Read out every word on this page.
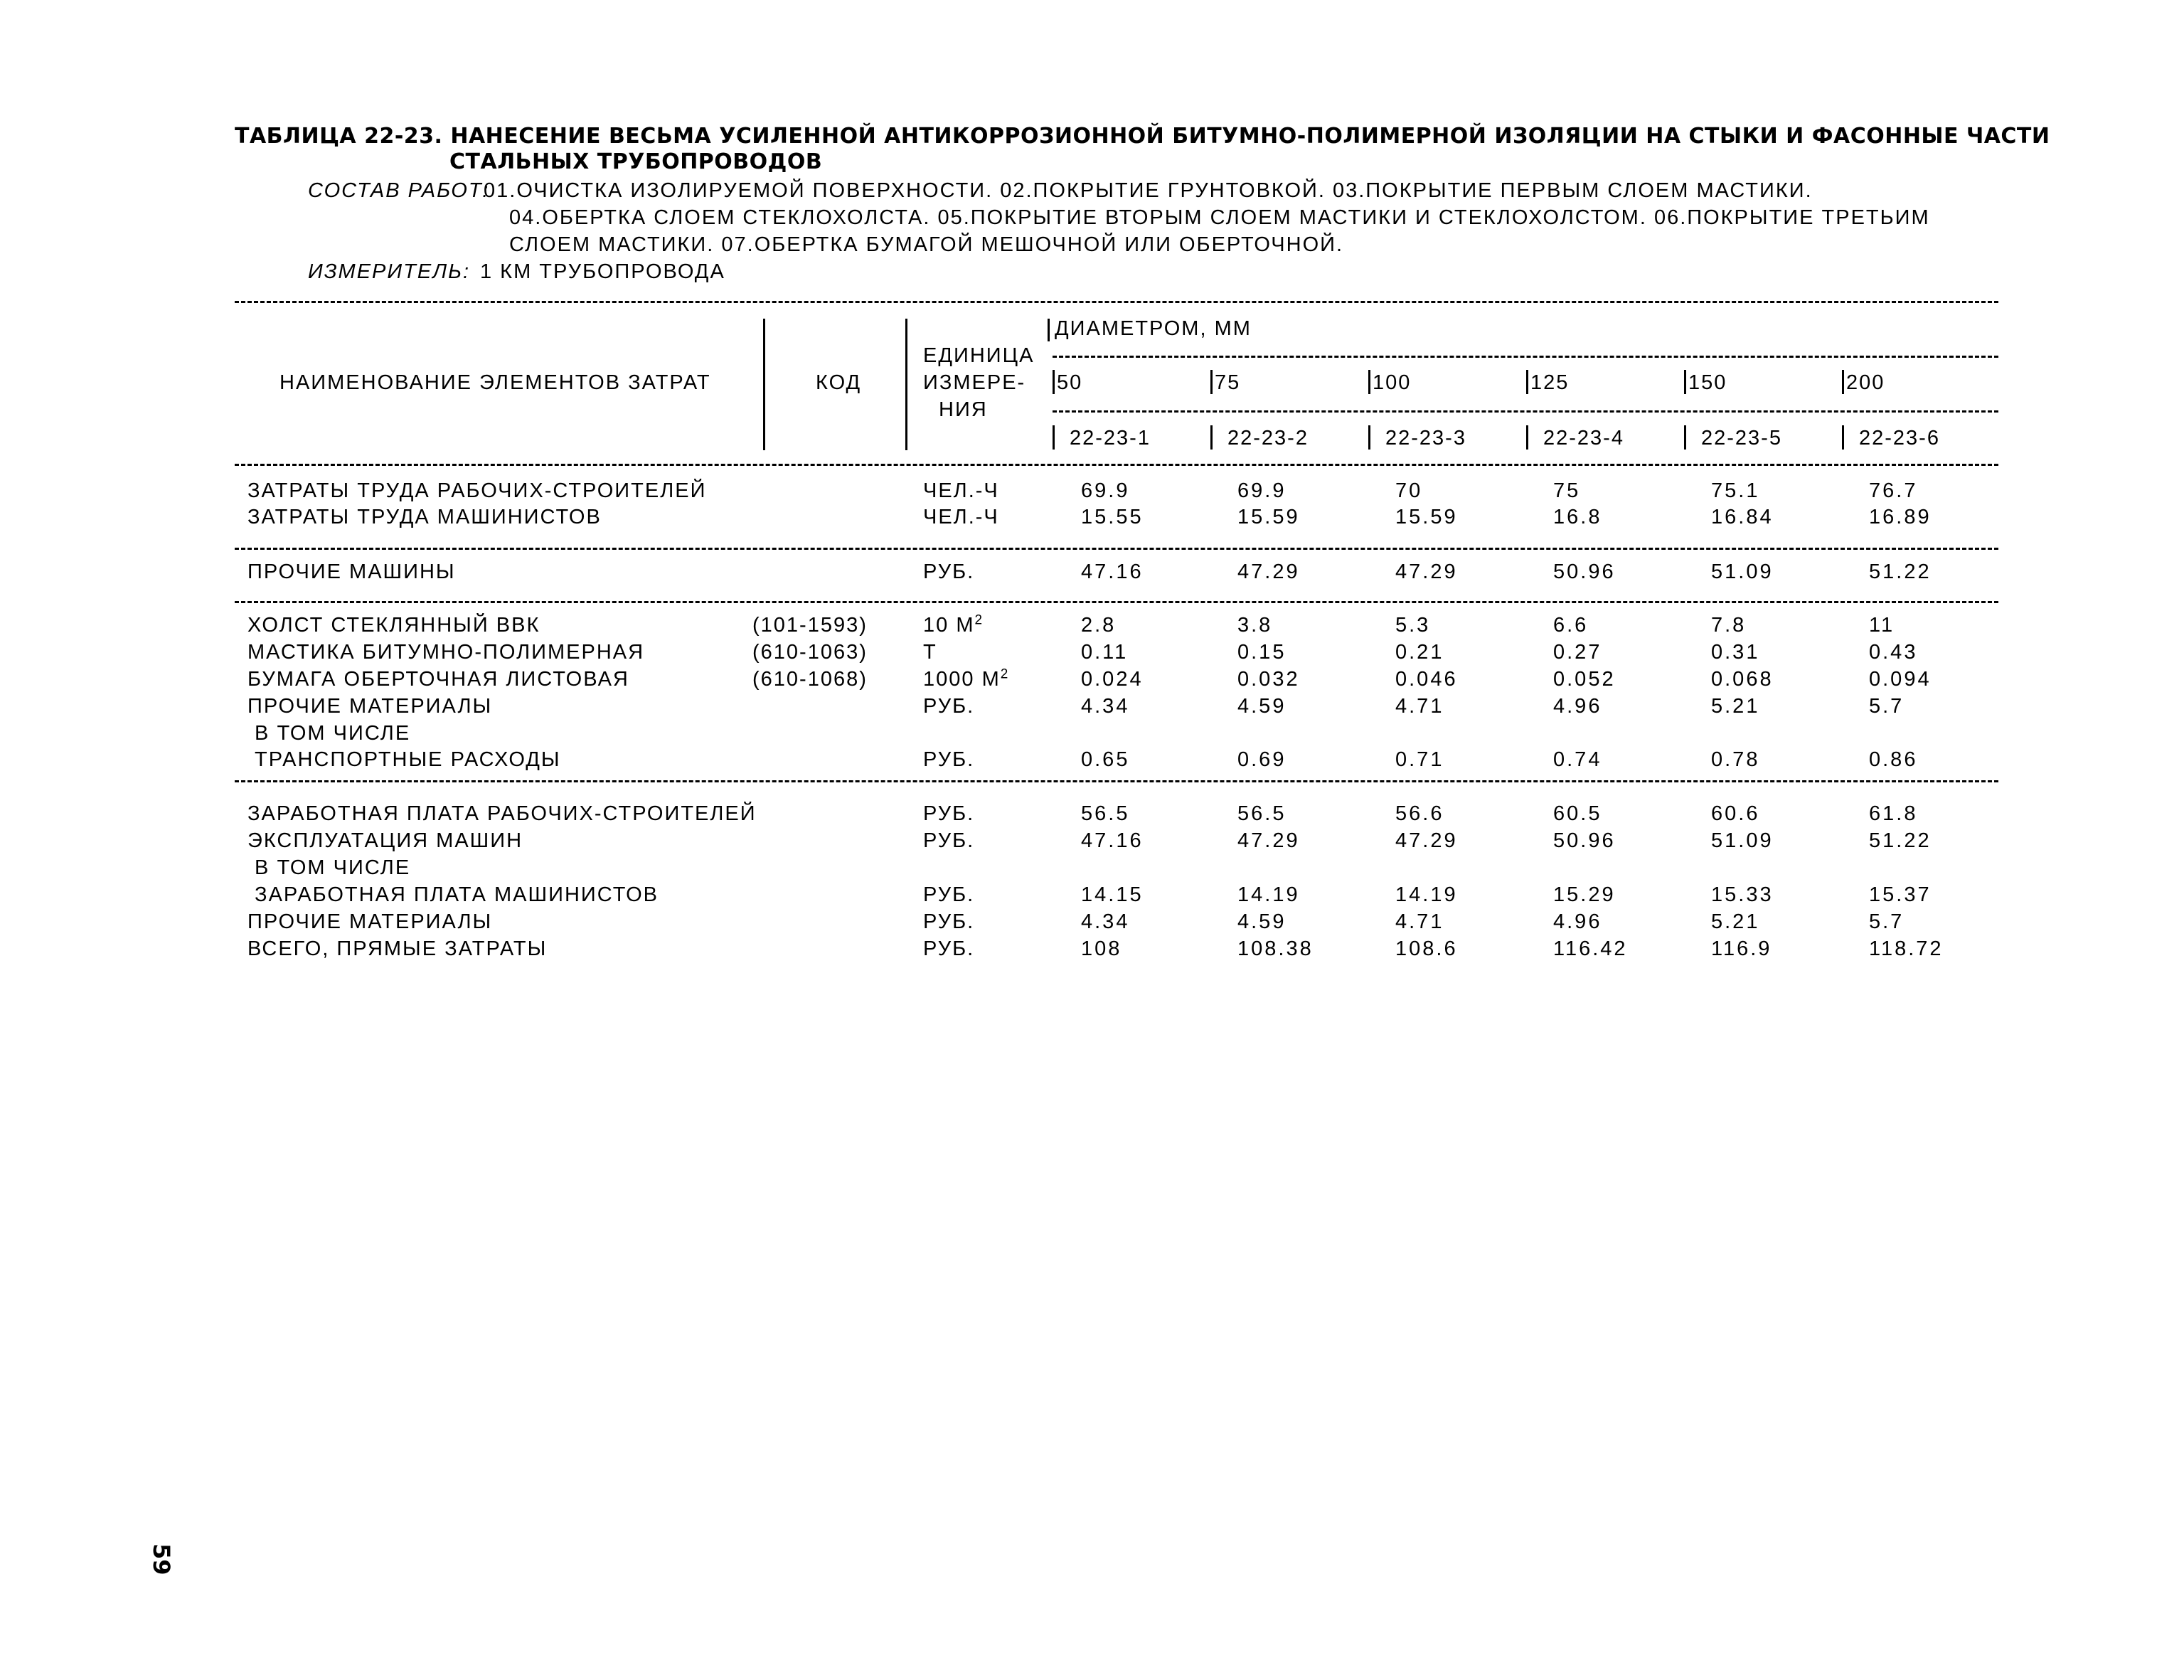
ТАБЛИЦА 22-23. НАНЕСЕНИЕ ВЕСЬМА УСИЛЕННОЙ АНТИКОРРОЗИОННОЙ БИТУМНО-ПОЛИМЕРНОЙ ИЗОЛЯЦИИ НА СТЫКИ И ФАСОННЫЕ ЧАСТИ
СТАЛЬНЫХ ТРУБОПРОВОДОВ
СОСТАВ РАБОТ:
01.ОЧИСТКА ИЗОЛИРУЕМОЙ ПОВЕРХНОСТИ. 02.ПОКРЫТИЕ ГРУНТОВКОЙ. 03.ПОКРЫТИЕ ПЕРВЫМ СЛОЕМ МАСТИКИ.
04.ОБЕРТКА СЛОЕМ СТЕКЛОХОЛСТА. 05.ПОКРЫТИЕ ВТОРЫМ СЛОЕМ МАСТИКИ И СТЕКЛОХОЛСТОМ. 06.ПОКРЫТИЕ ТРЕТЬИМ
СЛОЕМ МАСТИКИ. 07.ОБЕРТКА БУМАГОЙ МЕШОЧНОЙ ИЛИ ОБЕРТОЧНОЙ.
ИЗМЕРИТЕЛЬ: 1 КМ ТРУБОПРОВОДА
НАИМЕНОВАНИЕ ЭЛЕМЕНТОВ ЗАТРАТ	КОД
ЕДИНИЦА
ИЗМЕРЕ-
НИЯ
ДИАМЕТРОМ, ММ
50	75	100	125	150	200
22-23-1	22-23-2	22-23-3	22-23-4	22-23-5	22-23-6
ЗАТРАТЫ ТРУДА РАБОЧИХ-СТРОИТЕЛЕЙ	ЧЕЛ.-Ч	69.9	69.9	70	75	75.1	76.7
ЗАТРАТЫ ТРУДА МАШИНИСТОВ	ЧЕЛ.-Ч	15.55	15.59	15.59	16.8	16.84	16.89
ПРОЧИЕ МАШИНЫ	РУБ.	47.16	47.29	47.29	50.96	51.09	51.22
ХОЛСТ СТЕКЛЯННЫЙ ВВК	(101-1593)	10 $М^2$	2.8	3.8	5.3	6.6	7.8	11
МАСТИКА БИТУМНО-ПОЛИМЕРНАЯ	(610-1063)	Т	0.11	0.15	0.21	0.27	0.31	0.43
БУМАГА ОБЕРТОЧНАЯ ЛИСТОВАЯ	(610-1068)	1000 $М^2$	0.024	0.032	0.046	0.052	0.068	0.094
ПРОЧИЕ МАТЕРИАЛЫ	РУБ.	4.34	4.59	4.71	4.96	5.21	5.7
В ТОМ ЧИСЛЕ
ТРАНСПОРТНЫЕ РАСХОДЫ	РУБ.	0.65	0.69	0.71	0.74	0.78	0.86
ЗАРАБОТНАЯ ПЛАТА РАБОЧИХ-СТРОИТЕЛЕЙ	РУБ.	56.5	56.5	56.6	60.5	60.6	61.8
ЭКСПЛУАТАЦИЯ МАШИН	РУБ.	47.16	47.29	47.29	50.96	51.09	51.22
В ТОМ ЧИСЛЕ
ЗАРАБОТНАЯ ПЛАТА МАШИНИСТОВ	РУБ.	14.15	14.19	14.19	15.29	15.33	15.37
ПРОЧИЕ МАТЕРИАЛЫ	РУБ.	4.34	4.59	4.71	4.96	5.21	5.7
ВСЕГО, ПРЯМЫЕ ЗАТРАТЫ	РУБ.	108	108.38	108.6	116.42	116.9	118.72
59
